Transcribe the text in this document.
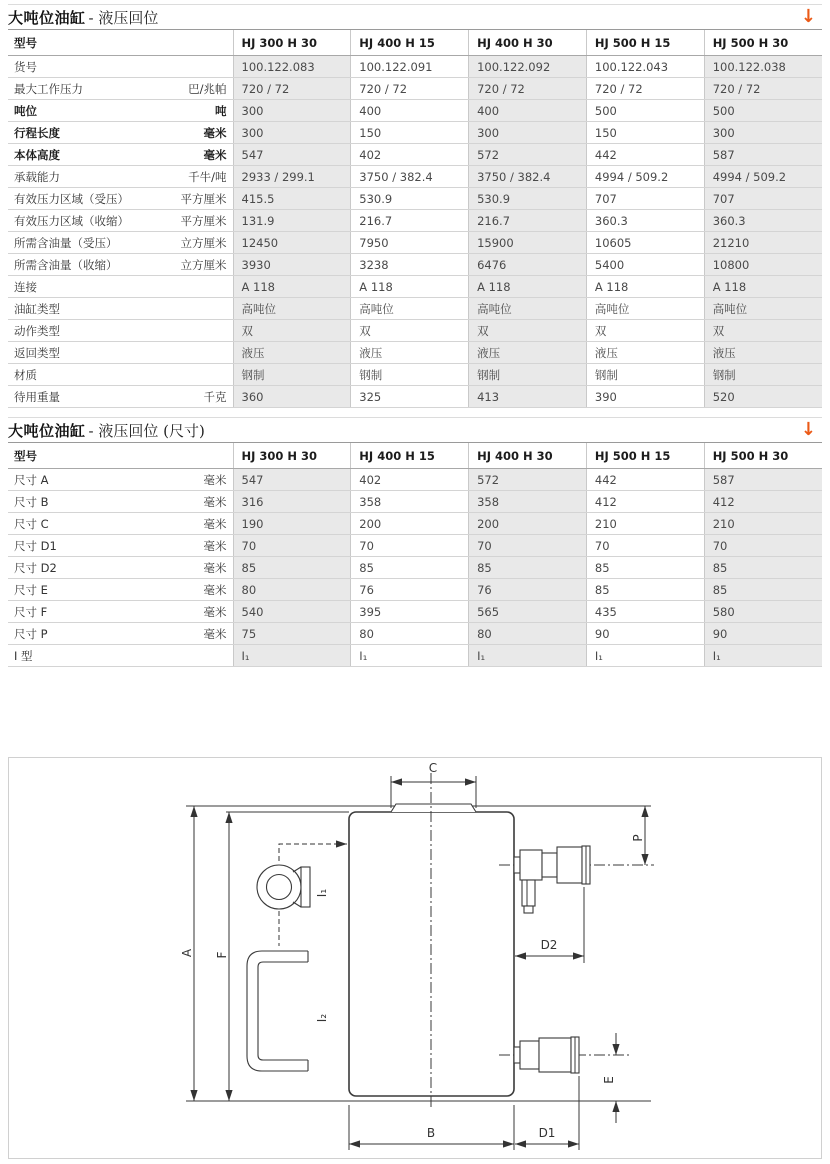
大吨位油缸 - 液压回位	↓
型号	HJ 300 H 30	HJ 400 H 15	HJ 400 H 30	HJ 500 H 15	HJ 500 H 30
货号	100.122.083	100.122.091	100.122.092	100.122.043	100.122.038
最大工作压力 巴/兆帕	720 / 72	720 / 72	720 / 72	720 / 72	720 / 72
吨位 吨	300	400	400	500	500
行程长度 毫米	300	150	300	150	300
本体高度 毫米	547	402	572	442	587
承载能力 千牛/吨	2933 / 299.1	3750 / 382.4	3750 / 382.4	4994 / 509.2	4994 / 509.2
有效压力区域（受压） 平方厘米	415.5	530.9	530.9	707	707
有效压力区域（收缩） 平方厘米	131.9	216.7	216.7	360.3	360.3
所需含油量（受压） 立方厘米	12450	7950	15900	10605	21210
所需含油量（收缩） 立方厘米	3930	3238	6476	5400	10800
连接	A 118	A 118	A 118	A 118	A 118
油缸类型	高吨位	高吨位	高吨位	高吨位	高吨位
动作类型	双	双	双	双	双
返回类型	液压	液压	液压	液压	液压
材质	钢制	钢制	钢制	钢制	钢制
待用重量 千克	360	325	413	390	520
大吨位油缸 - 液压回位 (尺寸)	↓
型号	HJ 300 H 30	HJ 400 H 15	HJ 400 H 30	HJ 500 H 15	HJ 500 H 30
尺寸 A 毫米	547	402	572	442	587
尺寸 B 毫米	316	358	358	412	412
尺寸 C 毫米	190	200	200	210	210
尺寸 D1 毫米	70	70	70	70	70
尺寸 D2 毫米	85	85	85	85	85
尺寸 E 毫米	80	76	76	85	85
尺寸 F 毫米	540	395	565	435	580
尺寸 P 毫米	75	80	80	90	90
I 型	I₁	I₁	I₁	I₁	I₁
A F
C
I₁
I₂
P
D2
E
B	D1
